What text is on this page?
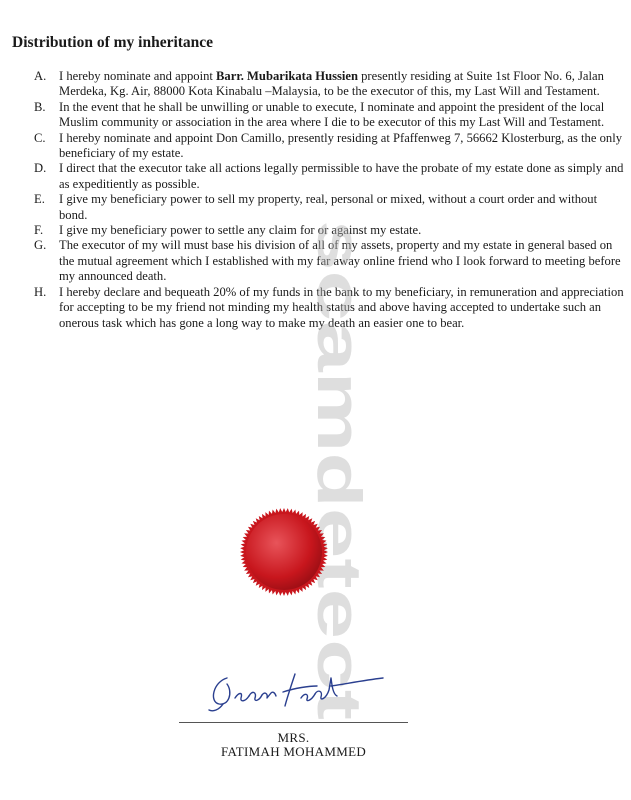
Distribution of my inheritance
A.	I hereby nominate and appoint Barr. Mubarikata Hussien presently residing at Suite 1st Floor No. 6, Jalan Merdeka, Kg. Air, 88000 Kota Kinabalu –Malaysia, to be the executor of this, my Last Will and Testament.
B.	In the event that he shall be unwilling or unable to execute, I nominate and appoint the president of the local Muslim community or association in the area where I die to be executor of this my Last Will and Testament.
C.	I hereby nominate and appoint Don Camillo, presently residing at Pfaffenweg 7, 56662 Klosterburg, as the only beneficiary of my estate.
D.	I direct that the executor take all actions legally permissible to have the probate of my estate done as simply and as expeditiently as possible.
E.	I give my beneficiary power to sell my property, real, personal or mixed, without a court order and without bond.
F.	I give my beneficiary power to settle any claim for or against my estate.
G.	The executor of my will must base his division of all of my assets, property and my estate in general based on the mutual agreement which I established with my far away online friend who I look forward to meeting before my announced death.
H.	I hereby declare and bequeath 20% of my funds in the bank to my beneficiary, in remuneration and appreciation for accepting to be my friend not minding my health status and above having accepted to undertake such an onerous task which has gone a long way to make my death an easier one to bear.
scamdetect
MRS.
FATIMAH MOHAMMED
